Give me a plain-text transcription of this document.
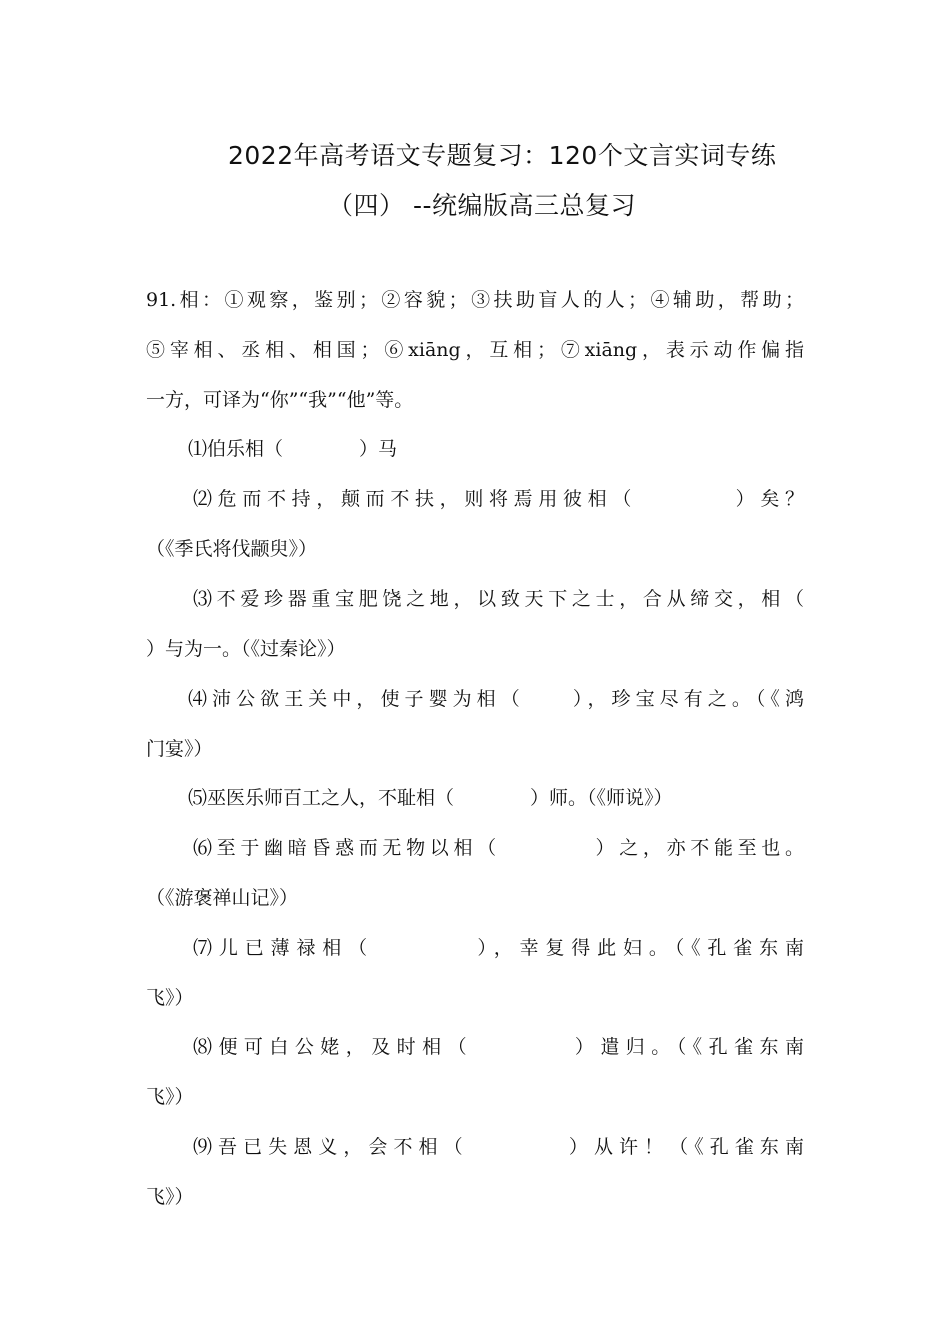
2022年高考语文专题复习：120个文言实词专练
（四） --统编版高三总复习
91.相：①观察，鉴别；②容貌；③扶助盲人的人；④辅助，帮助；
⑤宰相、丞相、相国；⑥xiāng，互相；⑦xiāng，表示动作偏指
一方，可译为“你”“我”“他”等。
⑴伯乐相（　　　　）马
⑵危而不持，颠而不扶，则将焉用彼相（　　　　）矣？
（《季氏将伐颛臾》）
⑶不爱珍器重宝肥饶之地，以致天下之士，合从缔交，相（
）与为一。（《过秦论》）
⑷沛公欲王关中，使子婴为相（　　），珍宝尽有之。（《鸿
门宴》）
⑸巫医乐师百工之人，不耻相（　　　　）师。（《师说》）
⑹至于幽暗昏惑而无物以相（　　　　）之，亦不能至也。
（《游褒禅山记》）
⑺儿已薄禄相（　　　　），幸复得此妇。（《孔雀东南
飞》）
⑻便可白公姥，及时相（　　　　）遣归。（《孔雀东南
飞》）
⑼吾已失恩义，会不相（　　　　）从许！（《孔雀东南
飞》）
